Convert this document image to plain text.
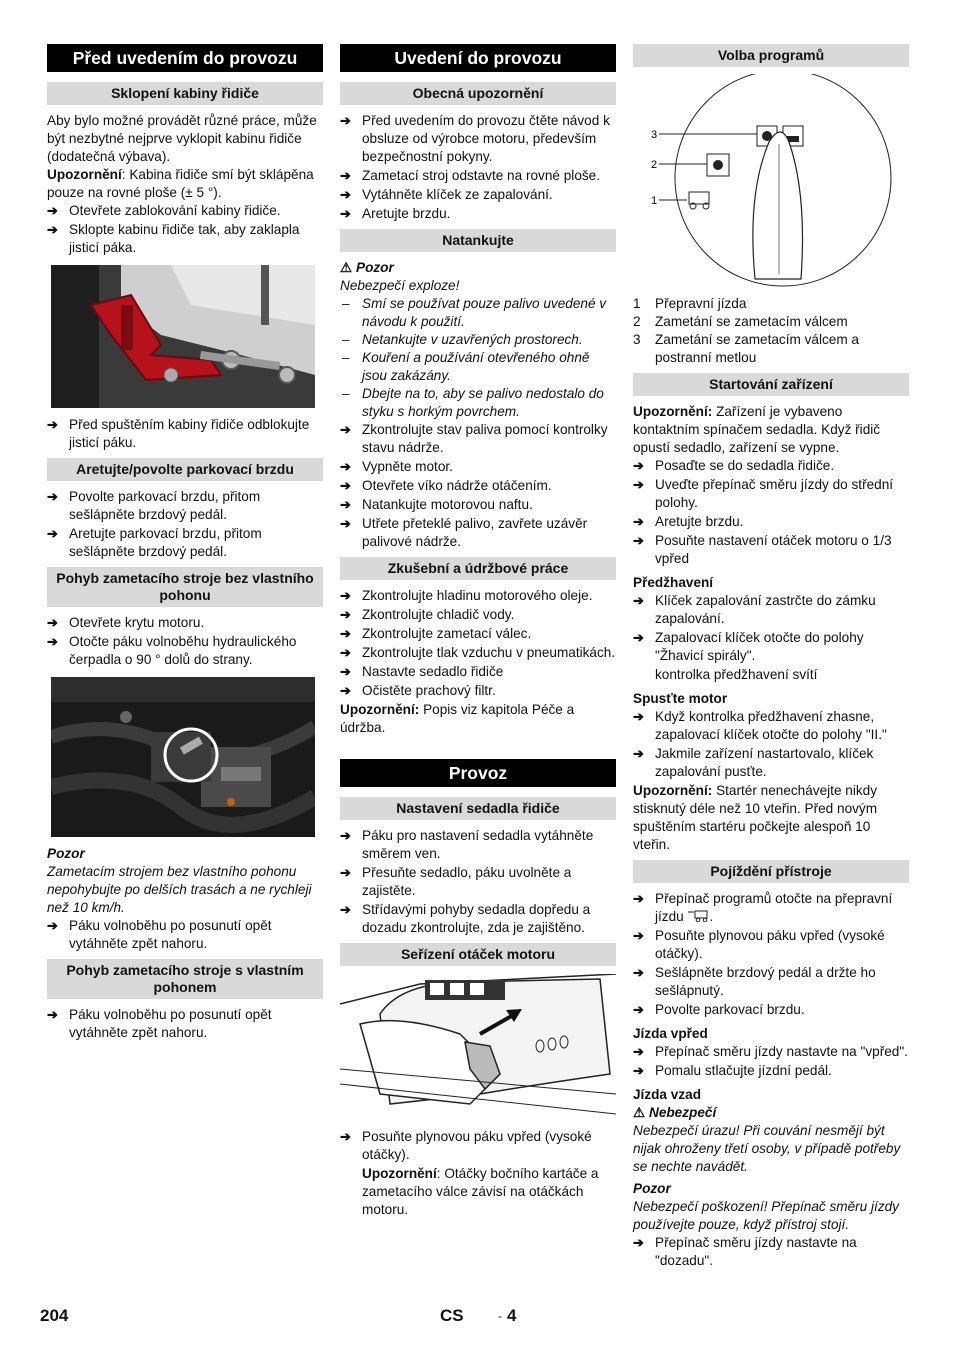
Před uvedením do provozu
Sklopení kabiny řidiče

Aby bylo možné provádět různé práce, může být nezbytné nejprve vyklopit kabinu řidiče (dodatečná výbava).

Upozornění: Kabina řidiče smí být sklápěna pouze na rovné ploše (± 5 °).

➔ Otevřete zablokování kabiny řidiče.
➔ Sklopte kabinu řidiče tak, aby zaklapla jisticí páka.
➔ Před spuštěním kabiny řidiče odblokujte jisticí páku.
Aretujte/povolte parkovací brzdu
➔ Povolte parkovací brzdu, přitom sešlápněte brzdový pedál.
➔ Aretujte parkovací brzdu, přitom sešlápněte brzdový pedál.
Pohyb zametacího stroje bez vlastního pohonu
➔ Otevřete krytu motoru.
➔ Otočte páku volnoběhu hydraulického čerpadla o 90 ° dolů do strany.

Pozor

Zametacím strojem bez vlastního pohonu nepohybujte po delších trasách a ne rychleji než 10 km/h.

➔ Páku volnoběhu po posunutí opět vytáhněte zpět nahoru.
Pohyb zametacího stroje s vlastním pohonem
➔ Páku volnoběhu po posunutí opět vytáhněte zpět nahoru.
Uvedení do provozu
Obecná upozornění
➔ Před uvedením do provozu čtěte návod k obsluze od výrobce motoru, především bezpečnostní pokyny.
➔ Zametací stroj odstavte na rovné ploše.
➔ Vytáhněte klíček ze zapalování.
➔ Aretujte brzdu.
Natankujte

⚠ Pozor

Nebezpečí exploze!

– Smí se používat pouze palivo uvedené v návodu k použití.
– Netankujte v uzavřených prostorech.
– Kouření a používání otevřeného ohně jsou zakázány.
– Dbejte na to, aby se palivo nedostalo do styku s horkým povrchem.
➔ Zkontrolujte stav paliva pomocí kontrolky stavu nádrže.
➔ Vypněte motor.
➔ Otevřete víko nádrže otáčením.
➔ Natankujte motorovou naftu.
➔ Utřete přeteklé palivo, zavřete uzávěr palivové nádrže.
Zkušební a údržbové práce
➔ Zkontrolujte hladinu motorového oleje.
➔ Zkontrolujte chladič vody.
➔ Zkontrolujte zametací válec.
➔ Zkontrolujte tlak vzduchu v pneumatikách.
➔ Nastavte sedadlo řidiče
➔ Očistěte prachový filtr.

Upozornění: Popis viz kapitola Péče a údržba.

Provoz
Nastavení sedadla řidiče
➔ Páku pro nastavení sedadla vytáhněte směrem ven.
➔ Přesuňte sedadlo, páku uvolněte a zajistěte.
➔ Střídavými pohyby sedadla dopředu a dozadu zkontrolujte, zda je zajištěno.
Seřízení otáček motoru
➔ Posuňte plynovou páku vpřed (vysoké otáčky).

Upozornění: Otáčky bočního kartáče a zametacího válce závisí na otáčkách motoru.

Volba programů
3
2
1
1 Přepravní jízda
2 Zametání se zametacím válcem
3 Zametání se zametacím válcem a postranní metlou
Startování zařízení

Upozornění: Zařízení je vybaveno kontaktním spínačem sedadla. Když řidič opustí sedadlo, zařízení se vypne.

➔ Posaďte se do sedadla řidiče.
➔ Uveďte přepínač směru jízdy do střední polohy.
➔ Aretujte brzdu.
➔ Posuňte nastavení otáček motoru o 1/3 vpřed

Předžhavení

➔ Klíček zapalování zastrčte do zámku zapalování.
➔ Zapalovací klíček otočte do polohy "Žhavicí spirály".

kontrolka předžhavení svítí

Spusťte motor

➔ Když kontrolka předžhavení zhasne, zapalovací klíček otočte do polohy "II."
➔ Jakmile zařízení nastartovalo, klíček zapalování pusťte.

Upozornění: Startér nenechávejte nikdy stisknutý déle než 10 vteřin. Před novým spuštěním startéru počkejte alespoň 10 vteřin.

Pojíždění přístroje
➔ Přepínač programů otočte na přepravní jízdu .
➔ Posuňte plynovou páku vpřed (vysoké otáčky).
➔ Sešlápněte brzdový pedál a držte ho sešlápnutý.
➔ Povolte parkovací brzdu.

Jízda vpřed

➔ Přepínač směru jízdy nastavte na "vpřed".
➔ Pomalu stlačujte jízdní pedál.

Jízda vzad

⚠ Nebezpečí

Nebezpečí úrazu! Při couvání nesmějí být nijak ohroženy třetí osoby, v případě potřeby se nechte navádět.

Pozor

Nebezpečí poškození! Přepínač směru jízdy používejte pouze, když přístroj stojí.

➔ Přepínač směru jízdy nastavte na "dozadu".
204	CS	- 4
